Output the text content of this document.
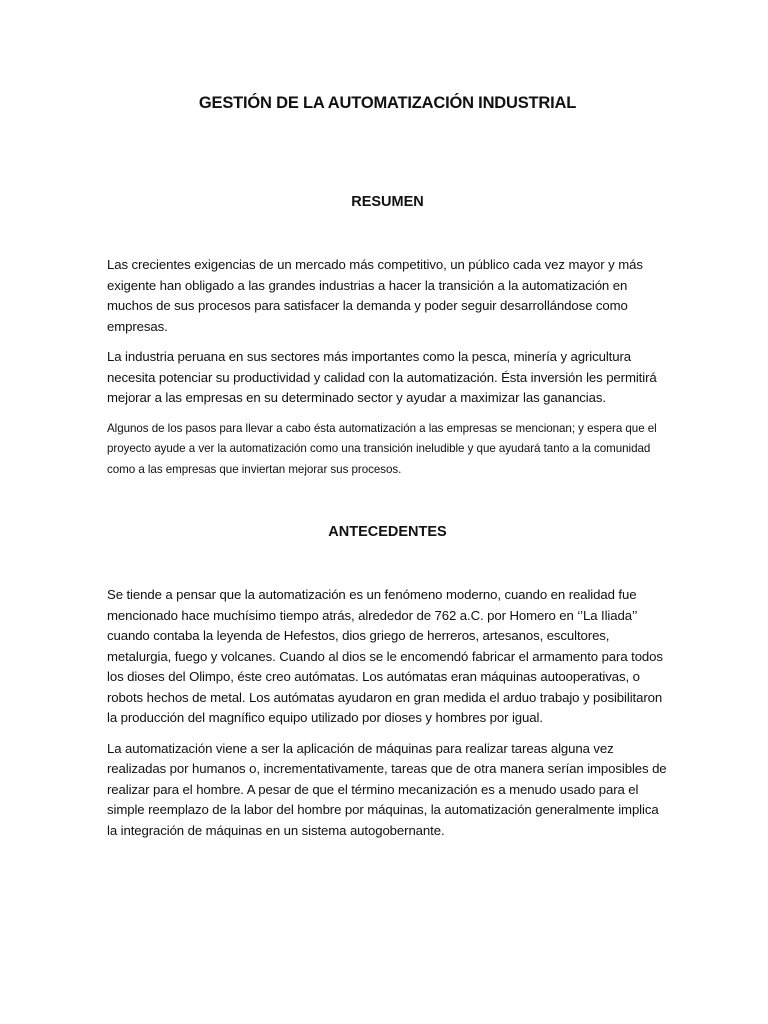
GESTIÓN DE LA AUTOMATIZACIÓN INDUSTRIAL
RESUMEN

Las crecientes exigencias de un mercado más competitivo, un público cada vez mayor y más exigente han obligado a las grandes industrias a hacer la transición a la automatización en muchos de sus procesos para satisfacer la demanda y poder seguir desarrollándose como empresas.

La industria peruana en sus sectores más importantes como la pesca, minería y agricultura necesita potenciar su productividad y calidad con la automatización. Ésta inversión les permitirá mejorar a las empresas en su determinado sector y ayudar a maximizar las ganancias.

Algunos de los pasos para llevar a cabo ésta automatización a las empresas se mencionan; y espera que el proyecto ayude a ver la automatización como una transición ineludible y que ayudará tanto a la comunidad como a las empresas que inviertan mejorar sus procesos.

ANTECEDENTES

Se tiende a pensar que la automatización es un fenómeno moderno, cuando en realidad fue mencionado hace muchísimo tiempo atrás, alrededor de 762 a.C. por Homero en ‘’La Iliada’’ cuando contaba la leyenda de Hefestos, dios griego de herreros, artesanos, escultores, metalurgia, fuego y volcanes. Cuando al dios se le encomendó fabricar el armamento para todos los dioses del Olimpo, éste creo autómatas. Los autómatas eran máquinas autooperativas, o robots hechos de metal. Los autómatas ayudaron en gran medida el arduo trabajo y posibilitaron la producción del magnífico equipo utilizado por dioses y hombres por igual.

La automatización viene a ser la aplicación de máquinas para realizar tareas alguna vez realizadas por humanos o, incrementativamente, tareas que de otra manera serían imposibles de realizar para el hombre. A pesar de que el término mecanización es a menudo usado para el simple reemplazo de la labor del hombre por máquinas, la automatización generalmente implica la integración de máquinas en un sistema autogobernante.
